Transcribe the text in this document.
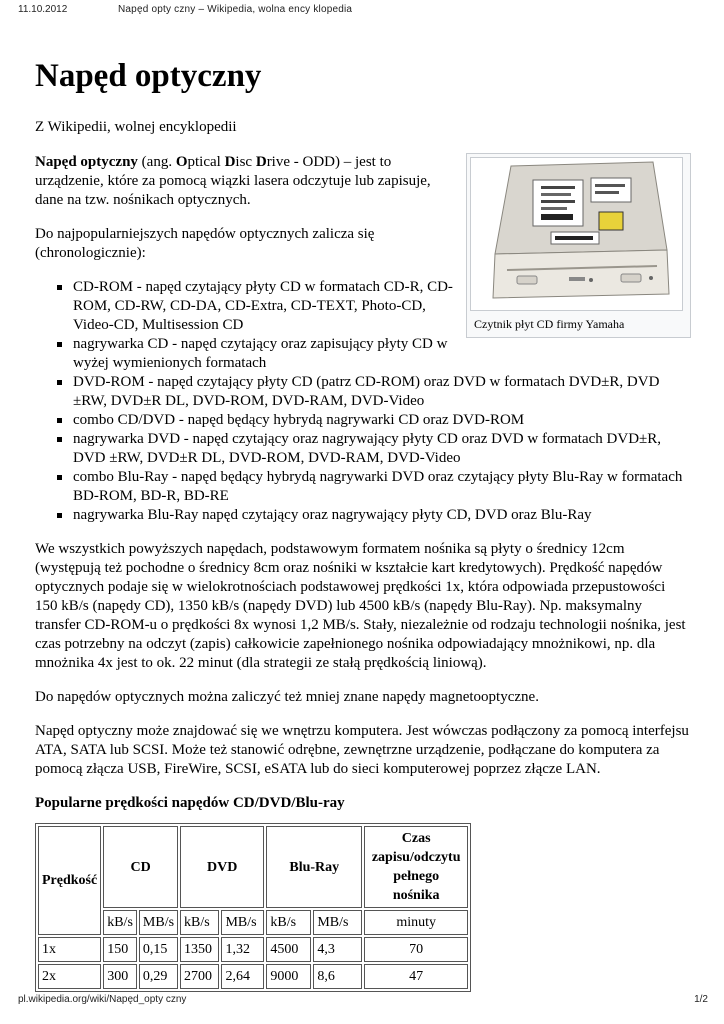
11.10.2012	Napęd opty czny – Wikipedia, wolna ency klopedia
Napęd optyczny
Z Wikipedii, wolnej encyklopedii
Czytnik płyt CD firmy Yamaha

Napęd optyczny (ang. Optical Disc Drive - ODD) – jest to urządzenie, które za pomocą wiązki lasera odczytuje lub zapisuje, dane na tzw. nośnikach optycznych.

Do najpopularniejszych napędów optycznych zalicza się (chronologicznie):

CD-ROM - napęd czytający płyty CD w formatach CD-R, CD-ROM, CD-RW, CD-DA, CD-Extra, CD-TEXT, Photo-CD, Video-CD, Multisession CD
nagrywarka CD - napęd czytający oraz zapisujący płyty CD w wyżej wymienionych formatach
DVD-ROM - napęd czytający płyty CD (patrz CD-ROM) oraz DVD w formatach DVD±R, DVD ±RW, DVD±R DL, DVD-ROM, DVD-RAM, DVD-Video
combo CD/DVD - napęd będący hybrydą nagrywarki CD oraz DVD-ROM
nagrywarka DVD - napęd czytający oraz nagrywający płyty CD oraz DVD w formatach DVD±R, DVD ±RW, DVD±R DL, DVD-ROM, DVD-RAM, DVD-Video
combo Blu-Ray - napęd będący hybrydą nagrywarki DVD oraz czytający płyty Blu-Ray w formatach BD-ROM, BD-R, BD-RE
nagrywarka Blu-Ray napęd czytający oraz nagrywający płyty CD, DVD oraz Blu-Ray

We wszystkich powyższych napędach, podstawowym formatem nośnika są płyty o średnicy 12cm (występują też pochodne o średnicy 8cm oraz nośniki w kształcie kart kredytowych). Prędkość napędów optycznych podaje się w wielokrotnościach podstawowej prędkości 1x, która odpowiada przepustowości 150 kB/s (napędy CD), 1350 kB/s (napędy DVD) lub 4500 kB/s (napędy Blu-Ray). Np. maksymalny transfer CD-ROM-u o prędkości 8x wynosi 1,2 MB/s. Stały, niezależnie od rodzaju technologii nośnika, jest czas potrzebny na odczyt (zapis) całkowicie zapełnionego nośnika odpowiadający mnożnikowi, np. dla mnożnika 4x jest to ok. 22 minut (dla strategii ze stałą prędkością liniową).

Do napędów optycznych można zaliczyć też mniej znane napędy magnetooptyczne.

Napęd optyczny może znajdować się we wnętrzu komputera. Jest wówczas podłączony za pomocą interfejsu ATA, SATA lub SCSI. Może też stanowić odrębne, zewnętrzne urządzenie, podłączane do komputera za pomocą złącza USB, FireWire, SCSI, eSATA lub do sieci komputerowej poprzez złącze LAN.

Popularne prędkości napędów CD/DVD/Blu-ray
Prędkość	CD		DVD		Blu-Ray		Czas zapisu/odczytu pełnego nośnika
	kB/s	MB/s	kB/s	MB/s	kB/s	MB/s	minuty
1x	150	0,15	1350	1,32	4500	4,3	70
2x	300	0,29	2700	2,64	9000	8,6	47
pl.wikipedia.org/wiki/Napęd_opty czny	1/2
